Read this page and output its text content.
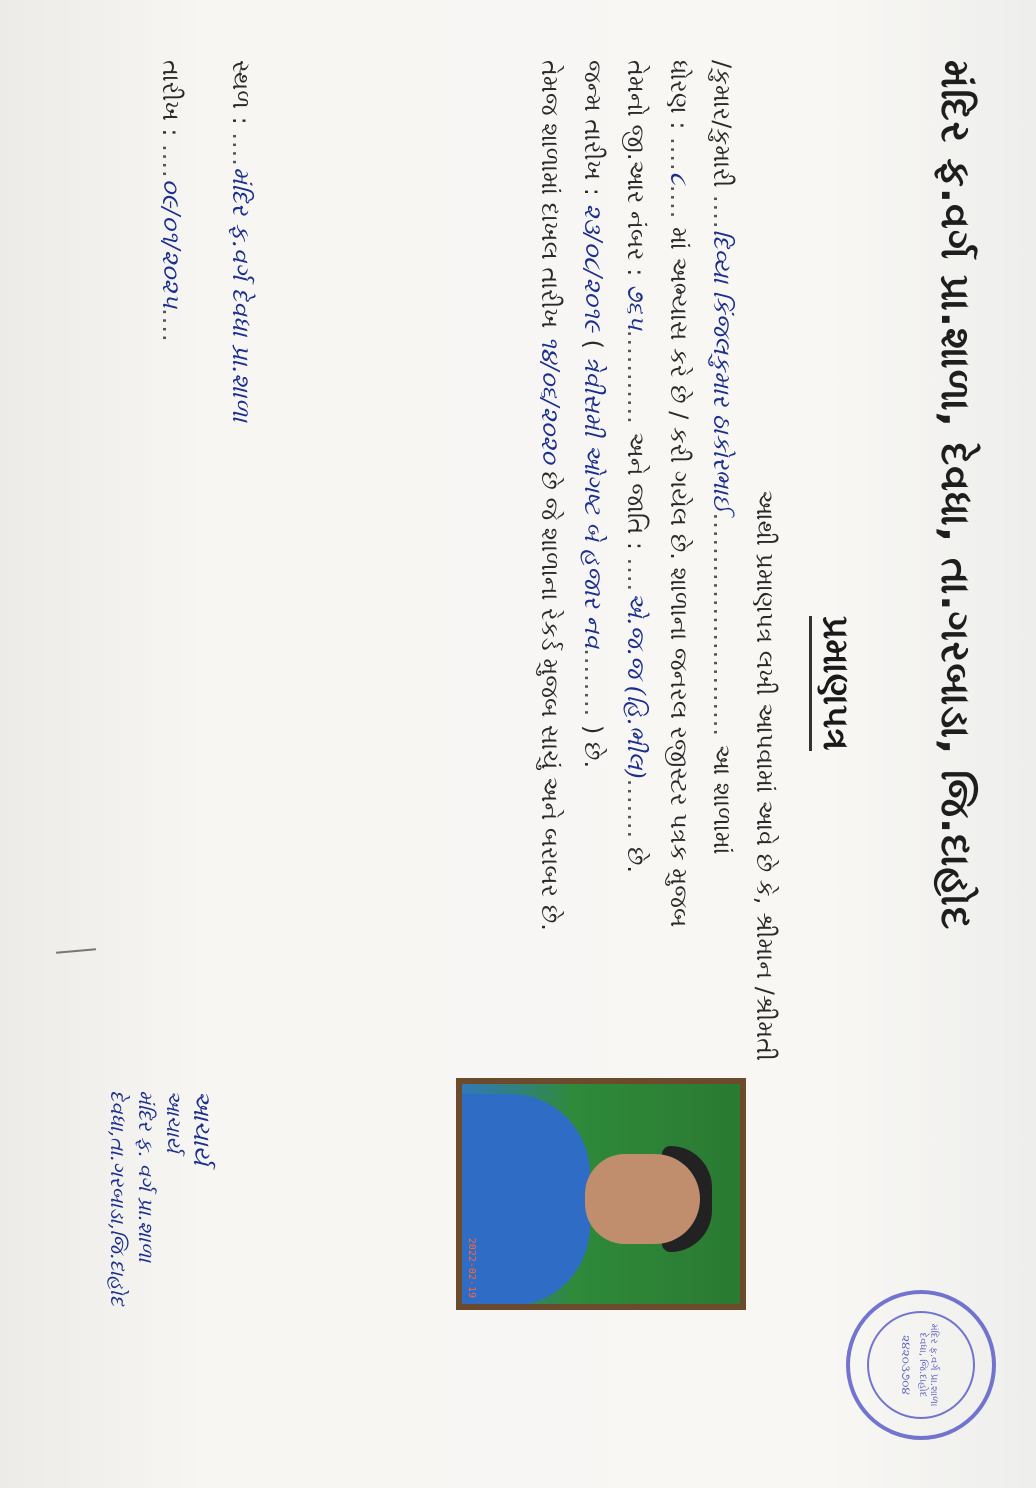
મંદિર ફ.વર્ગ પ્રા.શાળા, દેવધા, તા.ગરબાડા, જિ.દાહોદ
પ્રમાણપત્ર
આથી પ્રમાણપત્ર લખી આપવામાં આવે છે કે, શ્રીમાન /શ્રીમતી
/કુમાર/કુમારી ....દિવ્યા કિંજલકુમાર ઠાકોરભાઈ.......................... આ શાળામાં
ધોરણ : ....૮.... માં અભ્યાસ કરે છે / કરી ગયેલ છે. શાળાના જનરલ રજીસ્ટર પત્રક મુજબ
તેમનો જી.આર નંબર : ૭૬૫........... અને જાતિ : ....એ.જ.જ (હિ.ભીલ)....... છે.
જન્મ તારીખ : ૨૩/૦૮/૨૦૧૯ ( ત્રેવીસમી ઓગષ્ટ બે હજાર નવ........ ) છે.
તેમજ શાળામાં દાખલ તારીખ ૧૪/૦૬/૨૦૨૦ છે જે શાળાના રેકર્ડ મુજબ સાચું અને બરાબર છે.
સ્થળ : ....મંદિર ફ.વર્ગ દેવધા પ્રા.શાળા
તારીખ : ....૦૯/૦૧/૨૦૨૫....
2022-02-19
આચાર્ય
આચાર્ય
મંદિર ફ. વર્ગ પ્રા.શાળા
દેવધા,તા.ગરબાડા,જિ.દાહોદ
મંદિર ફ.વર્ગ પ્રા.શાળા દેવધા, જિ.દાહોદ
૨૪૨૦૩૭૦૪
